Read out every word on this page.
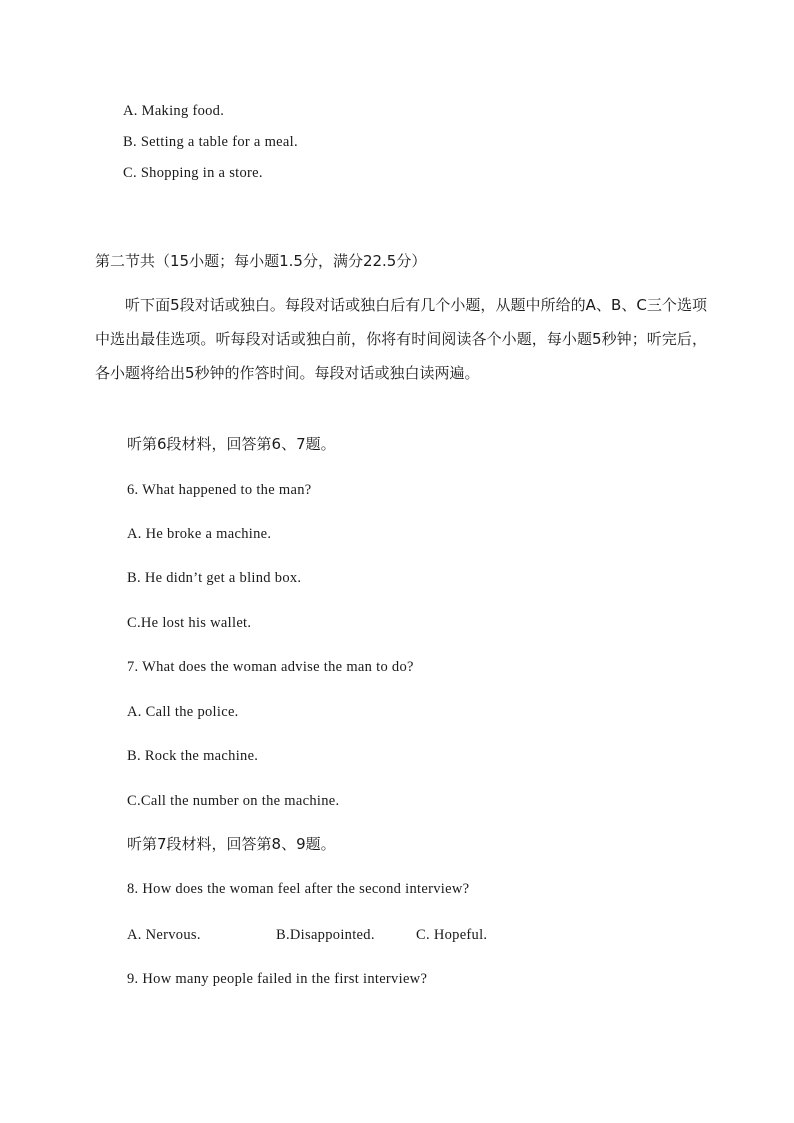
A. Making food.
B. Setting a table for a meal.
C. Shopping in a store.
第二节共（15小题；每小题1.5分，满分22.5分）
听下面5段对话或独白。每段对话或独白后有几个小题，从题中所给的A、B、C三个选项中选出最佳选项。听每段对话或独白前，你将有时间阅读各个小题，每小题5秒钟；听完后，各小题将给出5秒钟的作答时间。每段对话或独白读两遍。
听第6段材料，回答第6、7题。
6. What happened to the man?
A. He broke a machine.
B. He didn’t get a blind box.
C.He lost his wallet.
7. What does the woman advise the man to do?
A. Call the police.
B. Rock the machine.
C.Call the number on the machine.
听第7段材料，回答第8、9题。
8. How does the woman feel after the second interview?
A. Nervous.	B.Disappointed.	C. Hopeful.
9. How many people failed in the first interview?
